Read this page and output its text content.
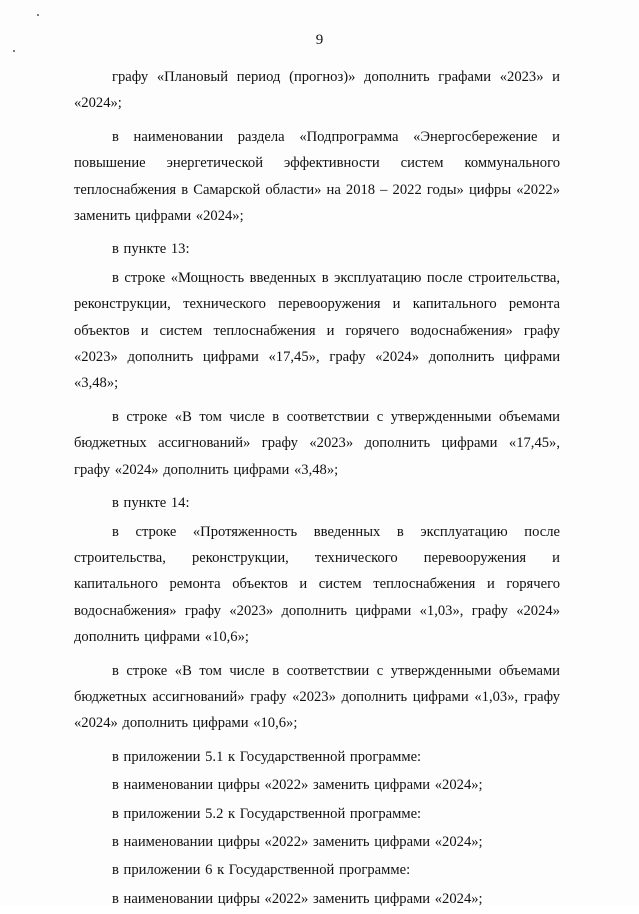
9

графу «Плановый период (прогноз)» дополнить графами «2023» и «2024»;

в наименовании раздела «Подпрограмма «Энергосбережение и повышение энергетической эффективности систем коммунального теплоснабжения в Самарской области» на 2018 – 2022 годы» цифры «2022» заменить цифрами «2024»;

в пункте 13:

в строке «Мощность введенных в эксплуатацию после строительства, реконструкции, технического перевооружения и капитального ремонта объектов и систем теплоснабжения и горячего водоснабжения» графу «2023» дополнить цифрами «17,45», графу «2024» дополнить цифрами «3,48»;

в строке «В том числе в соответствии с утвержденными объемами бюджетных ассигнований» графу «2023» дополнить цифрами «17,45», графу «2024» дополнить цифрами «3,48»;

в пункте 14:

в строке «Протяженность введенных в эксплуатацию после строительства, реконструкции, технического перевооружения и капитального ремонта объектов и систем теплоснабжения и горячего водоснабжения» графу «2023» дополнить цифрами «1,03», графу «2024» дополнить цифрами «10,6»;

в строке «В том числе в соответствии с утвержденными объемами бюджетных ассигнований» графу «2023» дополнить цифрами «1,03», графу «2024» дополнить цифрами «10,6»;

в приложении 5.1 к Государственной программе:

в наименовании цифры «2022» заменить цифрами «2024»;

в приложении 5.2 к Государственной программе:

в наименовании цифры «2022» заменить цифрами «2024»;

в приложении 6 к Государственной программе:

в наименовании цифры «2022» заменить цифрами «2024»;
